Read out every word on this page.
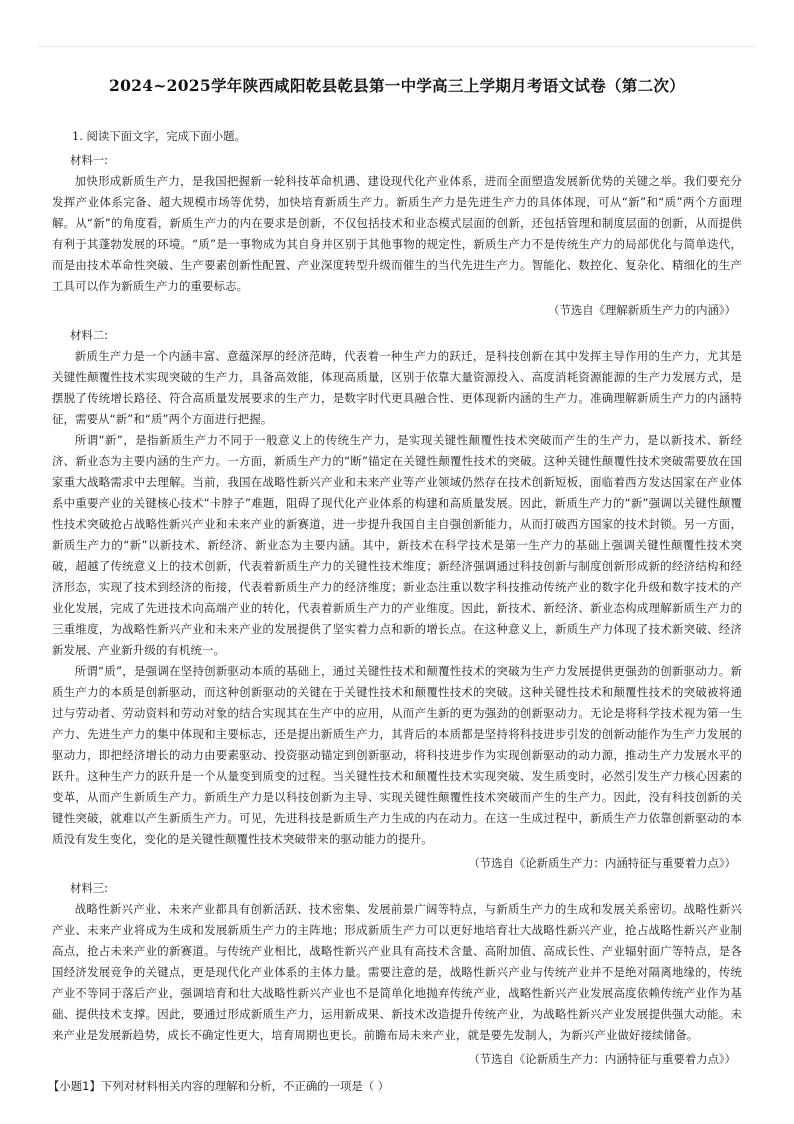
2024~2025学年陕西咸阳乾县乾县第一中学高三上学期月考语文试卷（第二次）
1. 阅读下面文字，完成下面小题。
材料一:

加快形成新质生产力，是我国把握新一轮科技革命机遇、建设现代化产业体系，进而全面塑造发展新优势的关键之举。我们要充分发挥产业体系完备、超大规模市场等优势，加快培育新质生产力。新质生产力是先进生产力的具体体现，可从“新”和“质”两个方面理解。从“新”的角度看，新质生产力的内在要求是创新，不仅包括技术和业态模式层面的创新，还包括管理和制度层面的创新，从而提供有利于其蓬勃发展的环境。“质”是一事物成为其自身并区别于其他事物的规定性，新质生产力不是传统生产力的局部优化与简单迭代，而是由技术革命性突破、生产要素创新性配置、产业深度转型升级而催生的当代先进生产力。智能化、数控化、复杂化、精细化的生产工具可以作为新质生产力的重要标志。

（节选自《理解新质生产力的内涵》）
材料二:

新质生产力是一个内涵丰富、意蕴深厚的经济范畴，代表着一种生产力的跃迁，是科技创新在其中发挥主导作用的生产力，尤其是关键性颠覆性技术实现突破的生产力，具备高效能，体现高质量，区别于依靠大量资源投入、高度消耗资源能源的生产力发展方式，是摆脱了传统增长路径、符合高质量发展要求的生产力，是数字时代更具融合性、更体现新内涵的生产力。准确理解新质生产力的内涵特征，需要从“新”和“质”两个方面进行把握。

所谓“新”，是指新质生产力不同于一般意义上的传统生产力，是实现关键性颠覆性技术突破而产生的生产力，是以新技术、新经济、新业态为主要内涵的生产力。一方面，新质生产力的“断”锚定在关键性颠覆性技术的突破。这种关键性颠覆性技术突破需要放在国家重大战略需求中去理解。当前，我国在战略性新兴产业和未来产业等产业领域仍然存在技术创新短板，面临着西方发达国家在产业体系中重要产业的关键核心技术“卡脖子”难题，阻碍了现代化产业体系的构建和高质量发展。因此，新质生产力的“新”强调以关键性颠覆性技术突破抢占战略性新兴产业和未来产业的新赛道，进一步提升我国自主自强创新能力，从而打破西方国家的技术封锁。另一方面，新质生产力的“新”以新技术、新经济、新业态为主要内涵。其中，新技术在科学技术是第一生产力的基础上强调关键性颠覆性技术突破，超越了传统意义上的技术创新，代表着新质生产力的关键性技术维度；新经济强调通过科技创新与制度创新形成新的经济结构和经济形态，实现了技术到经济的衔接，代表着新质生产力的经济维度；新业态注重以数字科技推动传统产业的数字化升级和数字技术的产业化发展，完成了先进技术向高端产业的转化，代表着新质生产力的产业维度。因此，新技术、新经济、新业态构成理解新质生产力的三重维度，为战略性新兴产业和未来产业的发展提供了坚实着力点和新的增长点。在这种意义上，新质生产力体现了技术新突破、经济新发展、产业新升级的有机统一。

所谓“质”，是强调在坚持创新驱动本质的基础上，通过关键性技术和颠覆性技术的突破为生产力发展提供更强劲的创新驱动力。新质生产力的本质是创新驱动，而这种创新驱动的关键在于关键性技术和颠覆性技术的突破。这种关键性技术和颠覆性技术的突破被将通过与劳动者、劳动资料和劳动对象的结合实现其在生产中的应用，从而产生新的更为强劲的创新驱动力。无论是将科学技术视为第一生产力、先进生产力的集中体现和主要标志，还是提出新质生产力，其背后的本质都是坚持将科技进步引发的创新动能作为生产力发展的驱动力，即把经济增长的动力由要素驱动、投资驱动锚定到创新驱动，将科技进步作为实现创新驱动的动力源，推动生产力发展水平的跃升。这种生产力的跃升是一个从量变到质变的过程。当关键性技术和颠覆性技术实现突破、发生质变时，必然引发生产力核心因素的变革，从而产生新质生产力。新质生产力是以科技创新为主导、实现关键性颠覆性技术突破而产生的生产力。因此，没有科技创新的关键性突破，就难以产生新质生产力。可见，先进科技是新质生产力生成的内在动力。在这一生成过程中，新质生产力依靠创新驱动的本质没有发生变化，变化的是关键性颠覆性技术突破带来的驱动能力的提升。

（节选自《论新质生产力：内涵特征与重要着力点》）
材料三:

战略性新兴产业、未来产业都具有创新活跃、技术密集、发展前景广阔等特点，与新质生产力的生成和发展关系密切。战略性新兴产业、未来产业将成为生成和发展新质生产力的主阵地；形成新质生产力可以更好地培育壮大战略性新兴产业，抢占战略性新兴产业制高点，抢占未来产业的新赛道。与传统产业相比，战略性新兴产业具有高技术含量、高附加值、高成长性、产业辐射面广等特点，是各国经济发展竞争的关键点，更是现代化产业体系的主体力量。需要注意的是，战略性新兴产业与传统产业并不是绝对隔离地缘的，传统产业不等同于落后产业，强调培育和壮大战略性新兴产业也不是简单化地抛弃传统产业，战略性新兴产业发展高度依赖传统产业作为基础、提供技术支撑。因此，要通过形成新质生产力，运用新成果、新技术改造提升传统产业，为战略性新兴产业发展提供强大动能。未来产业是发展新趋势，成长不确定性更大，培育周期也更长。前瞻布局未来产业，就是要先发制人，为新兴产业做好接续储备。

（节选自《论新质生产力：内涵特征与重要着力点》）
【小题1】下列对材料相关内容的理解和分析，不正确的一项是（ ）
